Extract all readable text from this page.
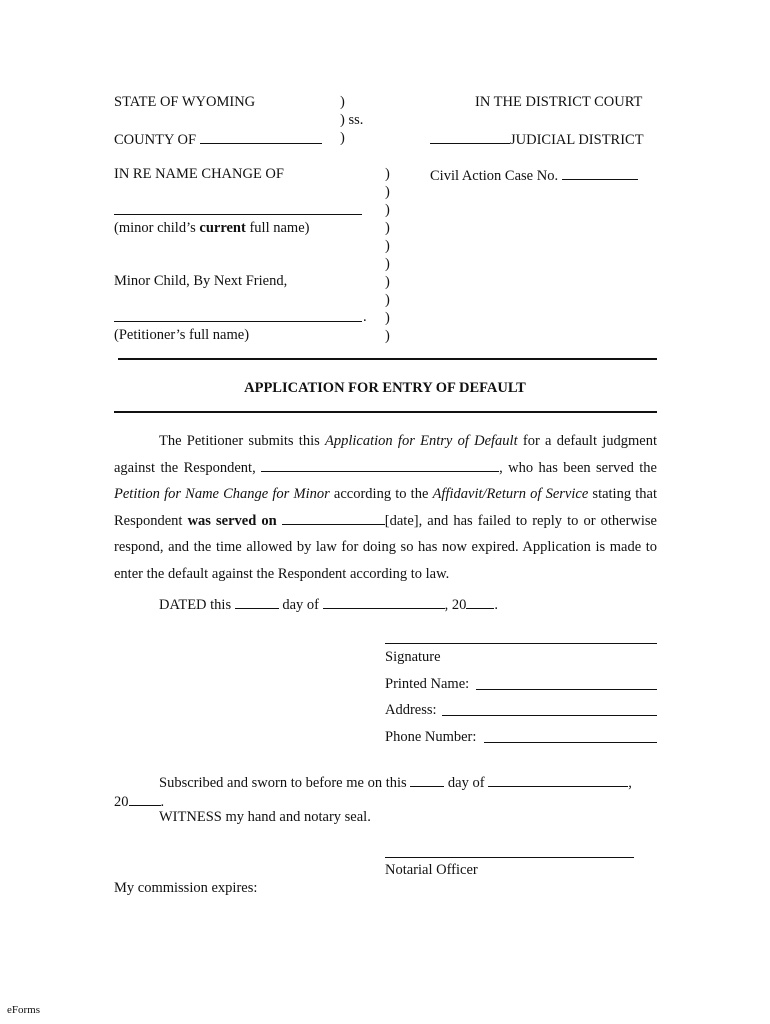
STATE OF WYOMING	)
) ss.
)
COUNTY OF
IN THE DISTRICT COURT
JUDICIAL DISTRICT
IN RE NAME CHANGE OF
(minor child’s current full name)
Minor Child, By Next Friend,
.
(Petitioner’s full name)
)
)
)
)
)
)
)
)
)
)
Civil Action Case No.
APPLICATION FOR ENTRY OF DEFAULT
The Petitioner submits this Application for Entry of Default for a default judgment against the Respondent,	, who has been served the Petition for Name Change for Minor according to the Affidavit/Return of Service stating that Respondent was served on	[date], and has failed to reply to or otherwise respond, and the time allowed by law for doing so has now expired. Application is made to enter the default against the Respondent according to law.
DATED this	day of	, 20 .
Signature
Printed Name:
Address:
Phone Number:
Subscribed and sworn to before me on this	day of	,
20 .
WITNESS my hand and notary seal.
Notarial Officer
My commission expires:
eForms
